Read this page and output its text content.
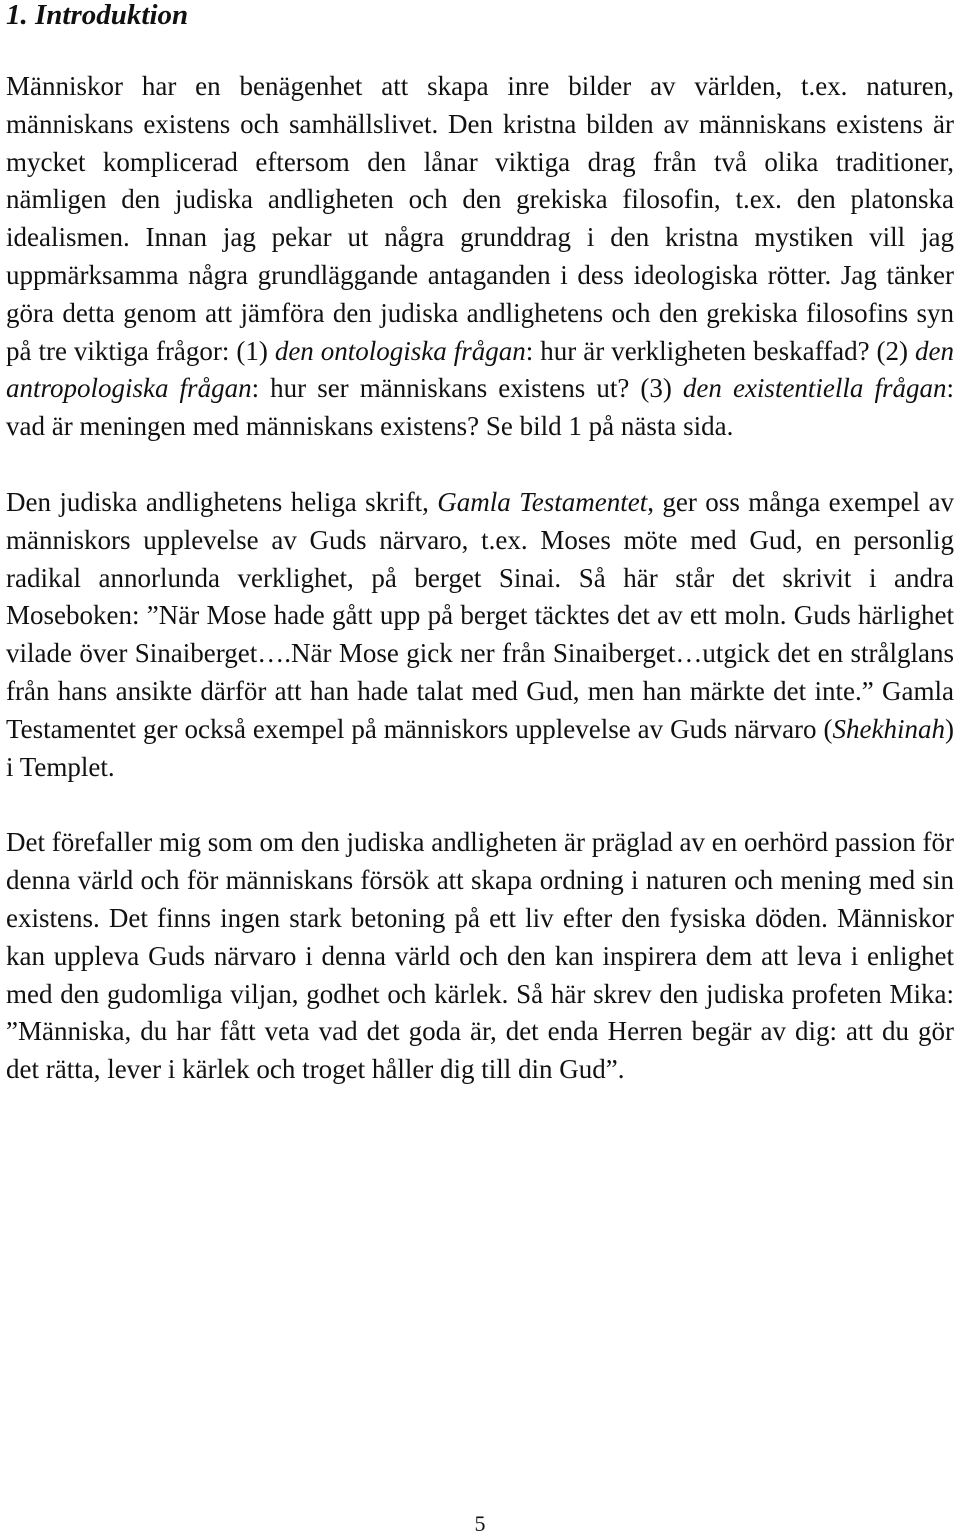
1. Introduktion

Människor har en benägenhet att skapa inre bilder av världen, t.ex. naturen, människans existens och samhällslivet. Den kristna bilden av människans existens är mycket komplicerad eftersom den lånar viktiga drag från två olika traditioner, nämligen den judiska andligheten och den grekiska filosofin, t.ex. den platonska idealismen. Innan jag pekar ut några grunddrag i den kristna mystiken vill jag uppmärksamma några grundläggande antaganden i dess ideologiska rötter. Jag tänker göra detta genom att jämföra den judiska andlighetens och den grekiska filosofins syn på tre viktiga frågor: (1) den ontologiska frågan: hur är verkligheten beskaffad? (2) den antropologiska frågan: hur ser människans existens ut? (3) den existentiella frågan: vad är meningen med människans existens? Se bild 1 på nästa sida.

Den judiska andlighetens heliga skrift, Gamla Testamentet, ger oss många exempel av människors upplevelse av Guds närvaro, t.ex. Moses möte med Gud, en personlig radikal annorlunda verklighet, på berget Sinai. Så här står det skrivit i andra Moseboken: ”När Mose hade gått upp på berget täcktes det av ett moln. Guds härlighet vilade över Sinaiberget….När Mose gick ner från Sinaiberget…utgick det en strålglans från hans ansikte därför att han hade talat med Gud, men han märkte det inte.” Gamla Testamentet ger också exempel på människors upplevelse av Guds närvaro (Shekhinah) i Templet.

Det förefaller mig som om den judiska andligheten är präglad av en oerhörd passion för denna värld och för människans försök att skapa ordning i naturen och mening med sin existens. Det finns ingen stark betoning på ett liv efter den fysiska döden. Människor kan uppleva Guds närvaro i denna värld och den kan inspirera dem att leva i enlighet med den gudomliga viljan, godhet och kärlek. Så här skrev den judiska profeten Mika: ”Människa, du har fått veta vad det goda är, det enda Herren begär av dig: att du gör det rätta, lever i kärlek och troget håller dig till din Gud”.

5
